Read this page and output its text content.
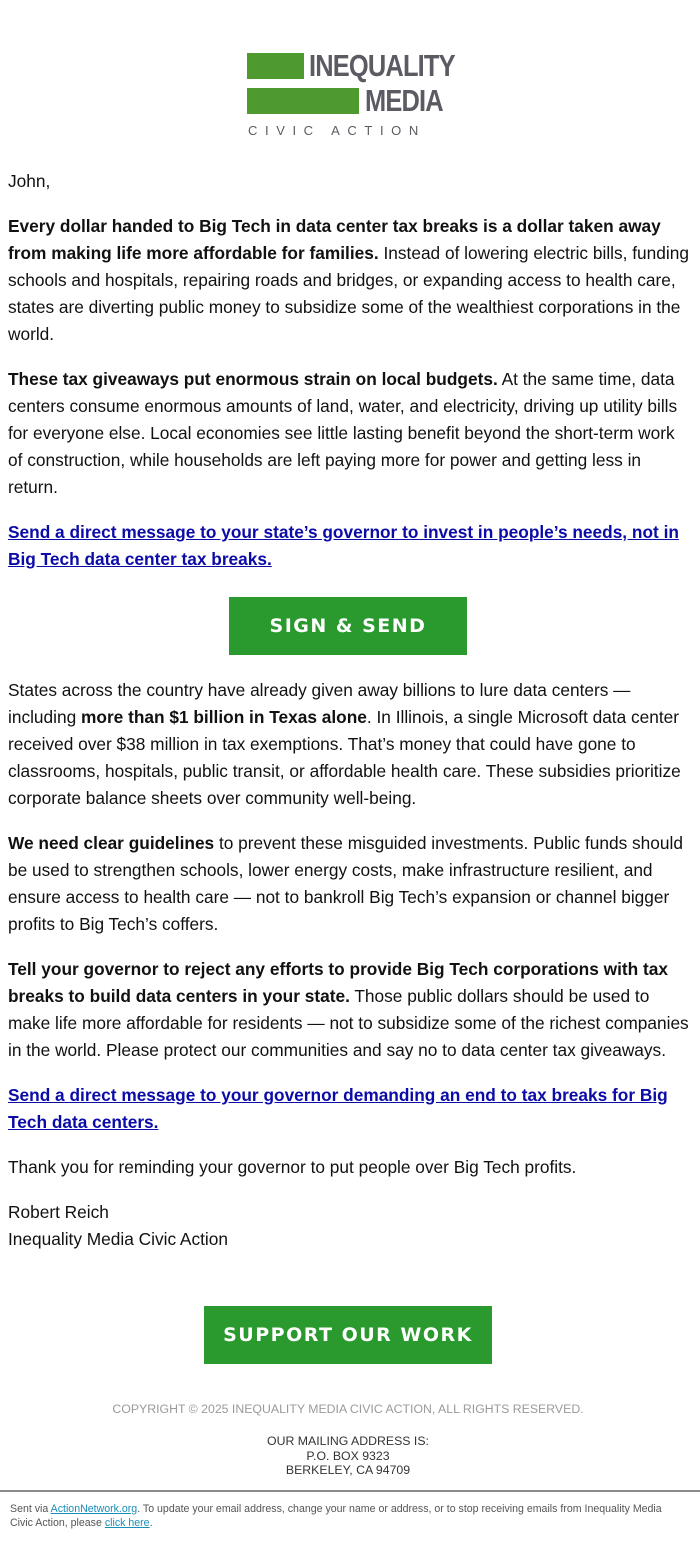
INEQUALITY
MEDIA
CIVIC ACTION

John,

Every dollar handed to Big Tech in data center tax breaks is a dollar taken away from making life more affordable for families. Instead of lowering electric bills, funding schools and hospitals, repairing roads and bridges, or expanding access to health care, states are diverting public money to subsidize some of the wealthiest corporations in the world.

These tax giveaways put enormous strain on local budgets. At the same time, data centers consume enormous amounts of land, water, and electricity, driving up utility bills for everyone else. Local economies see little lasting benefit beyond the short-term work of construction, while households are left paying more for power and getting less in return.

Send a direct message to your state’s governor to invest in people’s needs, not in Big Tech data center tax breaks.

States across the country have already given away billions to lure data centers — including more than $1 billion in Texas alone. In Illinois, a single Microsoft data center received over $38 million in tax exemptions. That’s money that could have gone to classrooms, hospitals, public transit, or affordable health care. These subsidies prioritize corporate balance sheets over community well-being.

We need clear guidelines to prevent these misguided investments. Public funds should be used to strengthen schools, lower energy costs, make infrastructure resilient, and ensure access to health care — not to bankroll Big Tech’s expansion or channel bigger profits to Big Tech’s coffers.

Tell your governor to reject any efforts to provide Big Tech corporations with tax breaks to build data centers in your state. Those public dollars should be used to make life more affordable for residents — not to subsidize some of the richest companies in the world. Please protect our communities and say no to data center tax giveaways.

Send a direct message to your governor demanding an end to tax breaks for Big Tech data centers.

Thank you for reminding your governor to put people over Big Tech profits.

Robert Reich
Inequality Media Civic Action

SIGN & SEND
SUPPORT OUR WORK
COPYRIGHT © 2025 INEQUALITY MEDIA CIVIC ACTION, ALL RIGHTS RESERVED.
OUR MAILING ADDRESS IS:
P.O. BOX 9323
BERKELEY, CA 94709
Sent via ActionNetwork.org. To update your email address, change your name or address, or to stop receiving emails from Inequality Media Civic Action, please click here.
